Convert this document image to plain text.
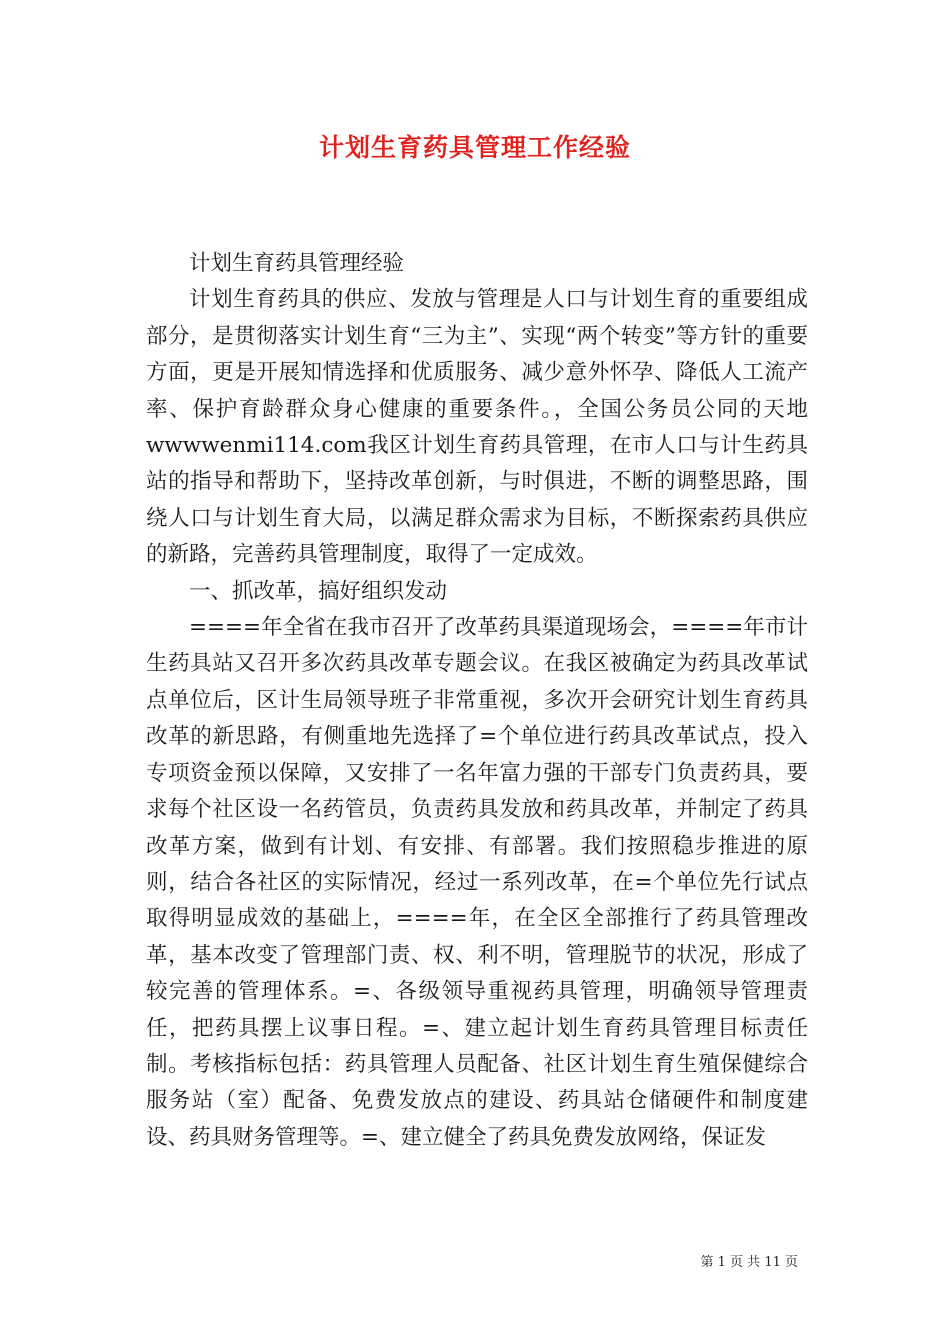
计划生育药具管理工作经验

计划生育药具管理经验

计划生育药具的供应、发放与管理是人口与计划生育的重要组成部分，是贯彻落实计划生育“三为主”、实现“两个转变”等方针的重要方面，更是开展知情选择和优质服务、减少意外怀孕、降低人工流产率、保护育龄群众身心健康的重要条件。，全国公务员公同的天地wwwwenmi114.com我区计划生育药具管理，在市人口与计生药具站的指导和帮助下，坚持改革创新，与时俱进，不断的调整思路，围绕人口与计划生育大局，以满足群众需求为目标，不断探索药具供应的新路，完善药具管理制度，取得了一定成效。

一、抓改革，搞好组织发动

====年全省在我市召开了改革药具渠道现场会，====年市计生药具站又召开多次药具改革专题会议。在我区被确定为药具改革试点单位后，区计生局领导班子非常重视，多次开会研究计划生育药具改革的新思路，有侧重地先选择了=个单位进行药具改革试点，投入专项资金预以保障，又安排了一名年富力强的干部专门负责药具，要求每个社区设一名药管员，负责药具发放和药具改革，并制定了药具改革方案，做到有计划、有安排、有部署。我们按照稳步推进的原则，结合各社区的实际情况，经过一系列改革，在=个单位先行试点取得明显成效的基础上，====年，在全区全部推行了药具管理改革，基本改变了管理部门责、权、利不明，管理脱节的状况，形成了较完善的管理体系。=、各级领导重视药具管理，明确领导管理责任，把药具摆上议事日程。=、建立起计划生育药具管理目标责任制。考核指标包括：药具管理人员配备、社区计划生育生殖保健综合服务站（室）配备、免费发放点的建设、药具站仓储硬件和制度建设、药具财务管理等。=、建立健全了药具免费发放网络，保证发

第 1 页 共 11 页
